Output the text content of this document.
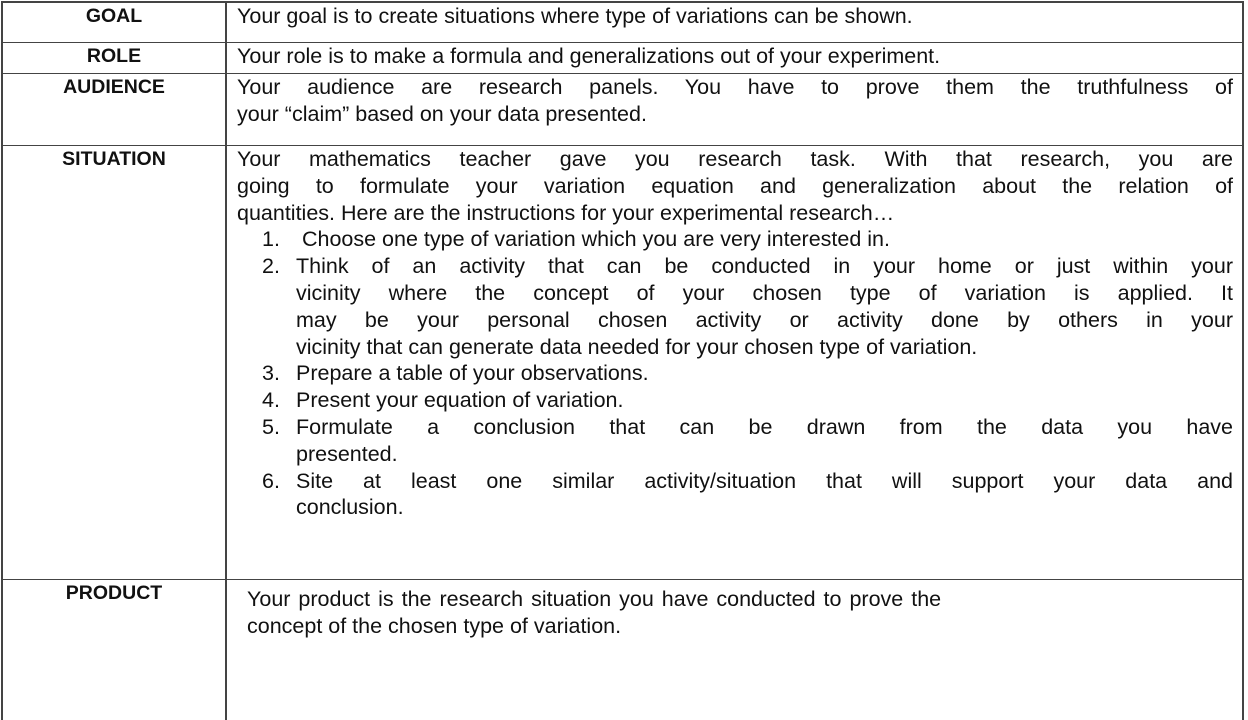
GOAL	Your goal is to create situations where type of variations can be shown.
ROLE	Your role is to make a formula and generalizations out of your experiment.
AUDIENCE	Your audience are research panels. You have to prove them the truthfulness of
your “claim” based on your data presented.
SITUATION	Your mathematics teacher gave you research task. With that research, you are
going to formulate your variation equation and generalization about the relation of
quantities. Here are the instructions for your experimental research…
1. Choose one type of variation which you are very interested in.
2. Think of an activity that can be conducted in your home or just within your
vicinity where the concept of your chosen type of variation is applied. It
may be your personal chosen activity or activity done by others in your
vicinity that can generate data needed for your chosen type of variation.
3. Prepare a table of your observations.
4. Present your equation of variation.
5. Formulate a conclusion that can be drawn from the data you have
presented.
6. Site at least one similar activity/situation that will support your data and
conclusion.
PRODUCT	Your product is the research situation you have conducted to prove the
concept of the chosen type of variation.
